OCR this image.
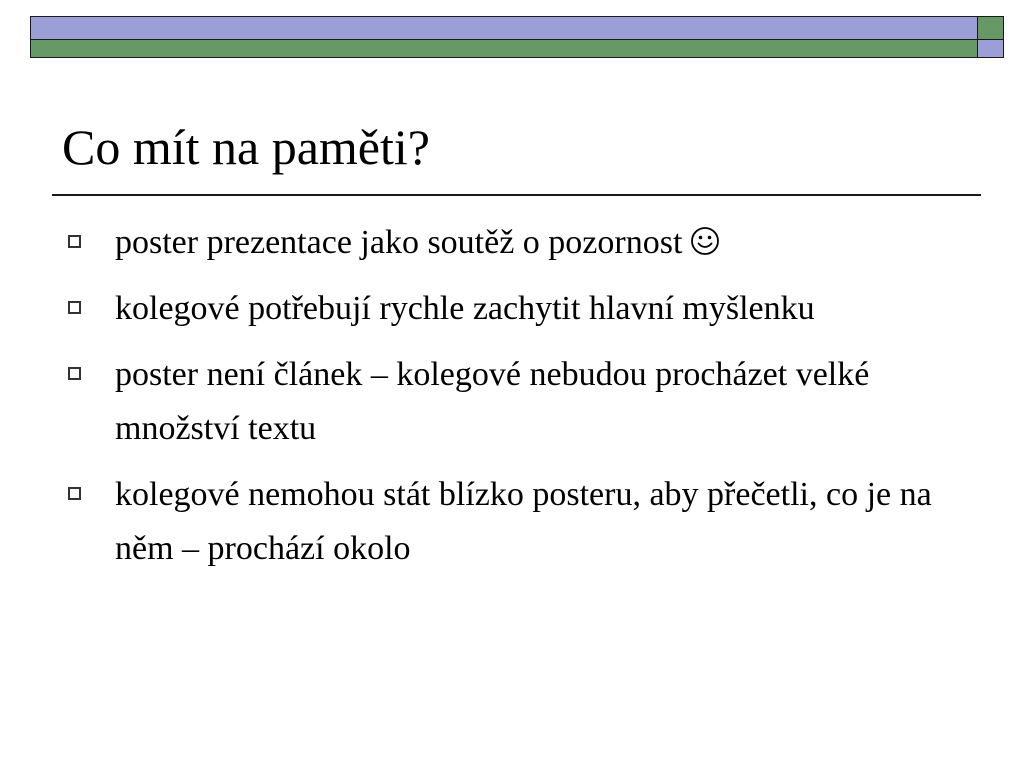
Co mít na paměti?
poster prezentace jako soutěž o pozornost
kolegové potřebují rychle zachytit hlavní myšlenku
poster není článek – kolegové nebudou procházet velké množství textu
kolegové nemohou stát blízko posteru, aby přečetli, co je na něm – prochází okolo
